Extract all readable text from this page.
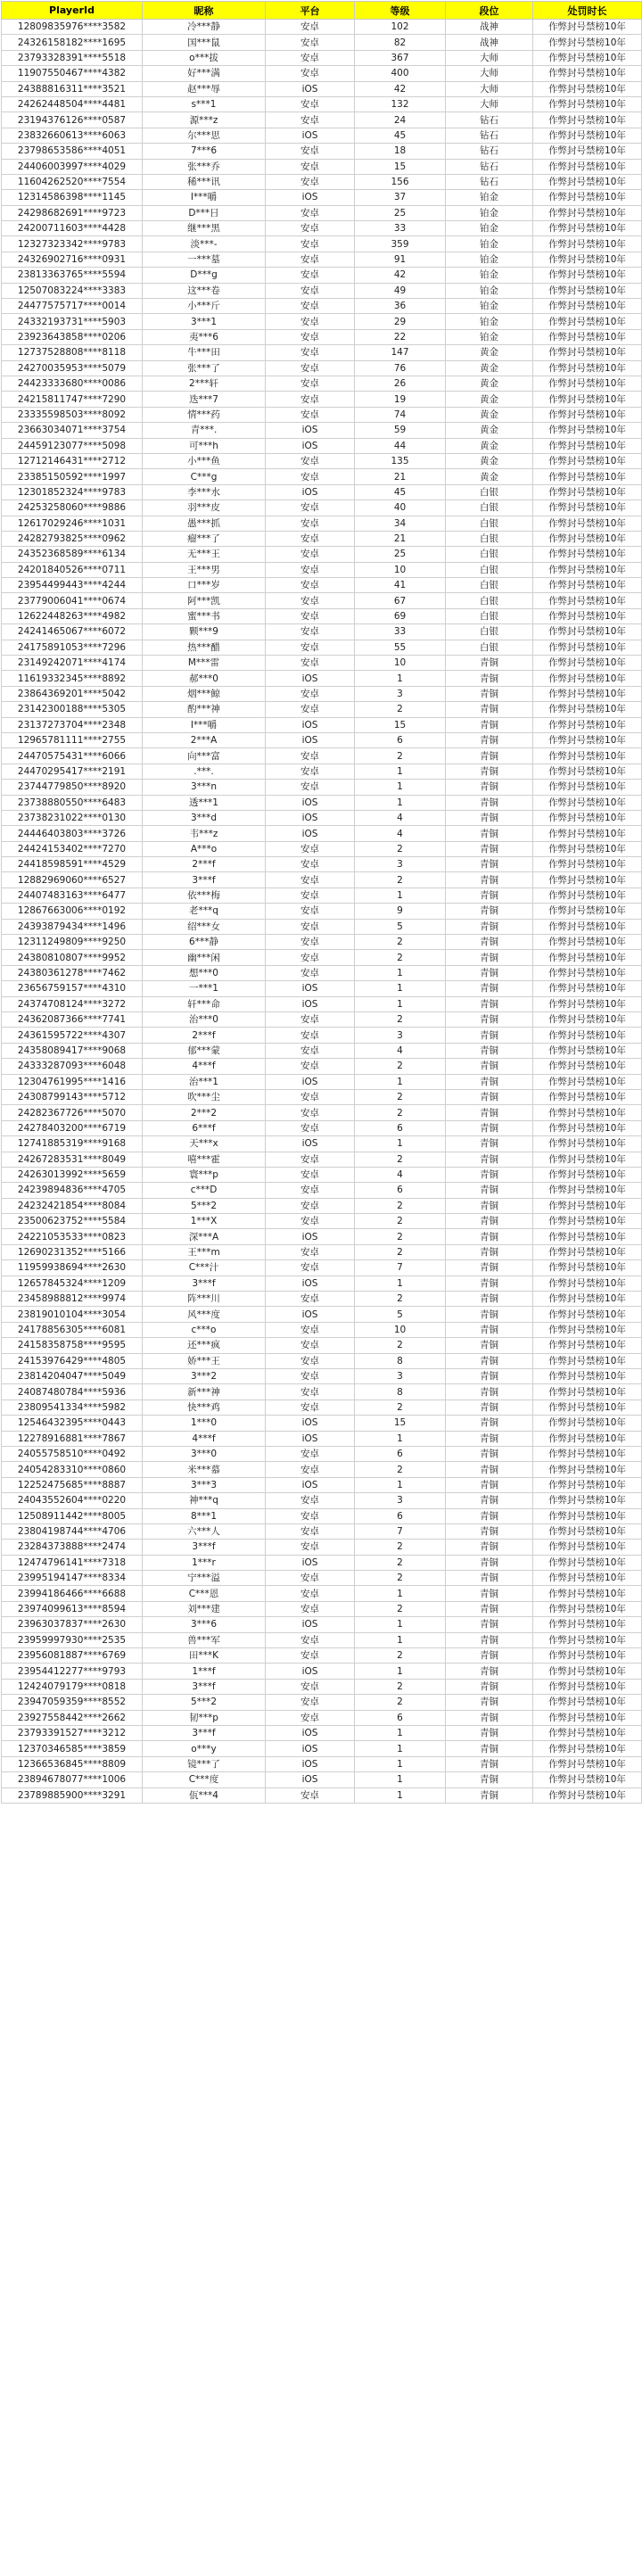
PlayerId	昵称	平台	等级	段位	处罚时长
12809835976****3582	冷***静	安卓	102	战神	作弊封号禁榜10年
24326158182****1695	国***鼠	安卓	82	战神	作弊封号禁榜10年
23793328391****5518	o***拔	安卓	367	大师	作弊封号禁榜10年
11907550467****4382	好***满	安卓	400	大师	作弊封号禁榜10年
24388816311****3521	赵***辱	iOS	42	大师	作弊封号禁榜10年
24262448504****4481	s***1	安卓	132	大师	作弊封号禁榜10年
23194376126****0587	源***z	安卓	24	钻石	作弊封号禁榜10年
23832660613****6063	尔***思	iOS	45	钻石	作弊封号禁榜10年
23798653586****4051	7***6	安卓	18	钻石	作弊封号禁榜10年
24406003997****4029	张***乔	安卓	15	钻石	作弊封号禁榜10年
11604262520****7554	稀***讯	安卓	156	钻石	作弊封号禁榜10年
12314586398****1145	I***嚼	iOS	37	铂金	作弊封号禁榜10年
24298682691****9723	D***日	安卓	25	铂金	作弊封号禁榜10年
24200711603****4428	继***黑	安卓	33	铂金	作弊封号禁榜10年
12327323342****9783	淡***-	安卓	359	铂金	作弊封号禁榜10年
24326902716****0931	一***墓	安卓	91	铂金	作弊封号禁榜10年
23813363765****5594	D***g	安卓	42	铂金	作弊封号禁榜10年
12507083224****3383	这***卷	安卓	49	铂金	作弊封号禁榜10年
24477575717****0014	小***斤	安卓	36	铂金	作弊封号禁榜10年
24332193731****5903	3***1	安卓	29	铂金	作弊封号禁榜10年
23923643858****0206	夷***6	安卓	22	铂金	作弊封号禁榜10年
12737528808****8118	牛***田	安卓	147	黄金	作弊封号禁榜10年
24270035953****5079	张***了	安卓	76	黄金	作弊封号禁榜10年
24423333680****0086	2***轩	安卓	26	黄金	作弊封号禁榜10年
24215811747****7290	迭***7	安卓	19	黄金	作弊封号禁榜10年
23335598503****8092	情***药	安卓	74	黄金	作弊封号禁榜10年
23663034071****3754	青***.	iOS	59	黄金	作弊封号禁榜10年
24459123077****5098	可***h	iOS	44	黄金	作弊封号禁榜10年
12712146431****2712	小***鱼	安卓	135	黄金	作弊封号禁榜10年
23385150592****1997	C***g	安卓	21	黄金	作弊封号禁榜10年
12301852324****9783	李***水	iOS	45	白银	作弊封号禁榜10年
24253258060****9886	羽***皮	安卓	40	白银	作弊封号禁榜10年
12617029246****1031	愚***抓	安卓	34	白银	作弊封号禁榜10年
24282793825****0962	瘤***了	安卓	21	白银	作弊封号禁榜10年
24352368589****6134	无***王	安卓	25	白银	作弊封号禁榜10年
24201840526****0711	王***男	安卓	10	白银	作弊封号禁榜10年
23954499443****4244	口***岁	安卓	41	白银	作弊封号禁榜10年
23779006041****0674	阿***凯	安卓	67	白银	作弊封号禁榜10年
12622448263****4982	蜜***书	安卓	69	白银	作弊封号禁榜10年
24241465067****6072	颗***9	安卓	33	白银	作弊封号禁榜10年
24175891053****7296	热***醋	安卓	55	白银	作弊封号禁榜10年
23149242071****4174	M***雷	安卓	10	青铜	作弊封号禁榜10年
11619332345****8892	郝***0	iOS	1	青铜	作弊封号禁榜10年
23864369201****5042	烟***鲸	安卓	3	青铜	作弊封号禁榜10年
23142300188****5305	酌***神	安卓	2	青铜	作弊封号禁榜10年
23137273704****2348	I***嚼	iOS	15	青铜	作弊封号禁榜10年
12965781111****2755	2***A	iOS	6	青铜	作弊封号禁榜10年
24470575431****6066	向***富	安卓	2	青铜	作弊封号禁榜10年
24470295417****2191	.***.	安卓	1	青铜	作弊封号禁榜10年
23744779850****8920	3***n	安卓	1	青铜	作弊封号禁榜10年
23738880550****6483	透***1	iOS	1	青铜	作弊封号禁榜10年
23738231022****0130	3***d	iOS	4	青铜	作弊封号禁榜10年
24446403803****3726	韦***z	iOS	4	青铜	作弊封号禁榜10年
24424153402****7270	A***o	安卓	2	青铜	作弊封号禁榜10年
24418598591****4529	2***f	安卓	3	青铜	作弊封号禁榜10年
12882969060****6527	3***f	安卓	2	青铜	作弊封号禁榜10年
24407483163****6477	依***梅	安卓	1	青铜	作弊封号禁榜10年
12867663006****0192	老***q	安卓	9	青铜	作弊封号禁榜10年
24393879434****1496	绍***女	安卓	5	青铜	作弊封号禁榜10年
12311249809****9250	6***静	安卓	2	青铜	作弊封号禁榜10年
24380810807****9952	幽***闲	安卓	2	青铜	作弊封号禁榜10年
24380361278****7462	想***0	安卓	1	青铜	作弊封号禁榜10年
23656759157****4310	一***1	iOS	1	青铜	作弊封号禁榜10年
24374708124****3272	轩***命	iOS	1	青铜	作弊封号禁榜10年
24362087366****7741	治***0	安卓	2	青铜	作弊封号禁榜10年
24361595722****4307	2***f	安卓	3	青铜	作弊封号禁榜10年
24358089417****9068	郁***蒙	安卓	4	青铜	作弊封号禁榜10年
24333287093****6048	4***f	安卓	2	青铜	作弊封号禁榜10年
12304761995****1416	治***1	iOS	1	青铜	作弊封号禁榜10年
24308799143****5712	吹***尘	安卓	2	青铜	作弊封号禁榜10年
24282367726****5070	2***2	安卓	2	青铜	作弊封号禁榜10年
24278403200****6719	6***f	安卓	6	青铜	作弊封号禁榜10年
12741885319****9168	天***x	iOS	1	青铜	作弊封号禁榜10年
24267283531****8049	嘻***霍	安卓	2	青铜	作弊封号禁榜10年
24263013992****5659	寰***p	安卓	4	青铜	作弊封号禁榜10年
24239894836****4705	c***D	安卓	6	青铜	作弊封号禁榜10年
24232421854****8084	5***2	安卓	2	青铜	作弊封号禁榜10年
23500623752****5584	1***X	安卓	2	青铜	作弊封号禁榜10年
24221053533****0823	深***A	iOS	2	青铜	作弊封号禁榜10年
12690231352****5166	王***m	安卓	2	青铜	作弊封号禁榜10年
11959938694****2630	C***汁	安卓	7	青铜	作弊封号禁榜10年
12657845324****1209	3***f	iOS	1	青铜	作弊封号禁榜10年
23458988812****9974	阵***川	安卓	2	青铜	作弊封号禁榜10年
23819010104****3054	风***度	iOS	5	青铜	作弊封号禁榜10年
24178856305****6081	c***o	安卓	10	青铜	作弊封号禁榜10年
24158358758****9595	还***疯	安卓	2	青铜	作弊封号禁榜10年
24153976429****4805	娇***王	安卓	8	青铜	作弊封号禁榜10年
23814204047****5049	3***2	安卓	3	青铜	作弊封号禁榜10年
24087480784****5936	新***神	安卓	8	青铜	作弊封号禁榜10年
23809541334****5982	快***鸡	安卓	2	青铜	作弊封号禁榜10年
12546432395****0443	1***0	iOS	15	青铜	作弊封号禁榜10年
12278916881****7867	4***f	iOS	1	青铜	作弊封号禁榜10年
24055758510****0492	3***0	安卓	6	青铜	作弊封号禁榜10年
24054283310****0860	米***慕	安卓	2	青铜	作弊封号禁榜10年
12252475685****8887	3***3	iOS	1	青铜	作弊封号禁榜10年
24043552604****0220	神***q	安卓	3	青铜	作弊封号禁榜10年
12508911442****8005	8***1	安卓	6	青铜	作弊封号禁榜10年
23804198744****4706	六***人	安卓	7	青铜	作弊封号禁榜10年
23284373888****2474	3***f	安卓	2	青铜	作弊封号禁榜10年
12474796141****7318	1***r	iOS	2	青铜	作弊封号禁榜10年
23995194147****8334	宁***溢	安卓	2	青铜	作弊封号禁榜10年
23994186466****6688	C***恩	安卓	1	青铜	作弊封号禁榜10年
23974099613****8594	刘***建	安卓	2	青铜	作弊封号禁榜10年
23963037837****2630	3***6	iOS	1	青铜	作弊封号禁榜10年
23959997930****2535	兽***军	安卓	1	青铜	作弊封号禁榜10年
23956081887****6769	田***K	安卓	2	青铜	作弊封号禁榜10年
23954412277****9793	1***f	iOS	1	青铜	作弊封号禁榜10年
12424079179****0818	3***f	安卓	2	青铜	作弊封号禁榜10年
23947059359****8552	5***2	安卓	2	青铜	作弊封号禁榜10年
23927558442****2662	韧***p	安卓	6	青铜	作弊封号禁榜10年
23793391527****3212	3***f	iOS	1	青铜	作弊封号禁榜10年
12370346585****3859	o***y	iOS	1	青铜	作弊封号禁榜10年
12366536845****8809	镜***了	iOS	1	青铜	作弊封号禁榜10年
23894678077****1006	C***度	iOS	1	青铜	作弊封号禁榜10年
23789885900****3291	佤***4	安卓	1	青铜	作弊封号禁榜10年
